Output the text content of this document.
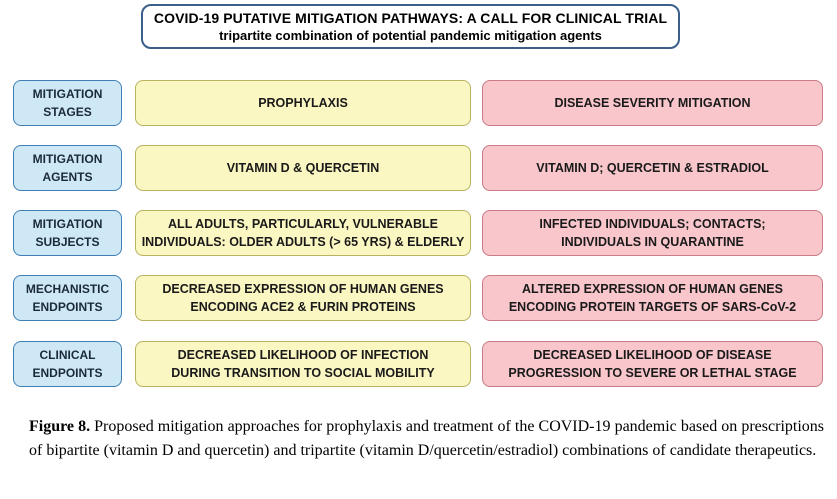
COVID-19 PUTATIVE MITIGATION PATHWAYS: A CALL FOR CLINICAL TRIAL
tripartite combination of potential pandemic mitigation agents
MITIGATION
STAGES
PROPHYLAXIS	DISEASE SEVERITY MITIGATION
MITIGATION
AGENTS
VITAMIN D & QUERCETIN	VITAMIN D; QUERCETIN & ESTRADIOL
MITIGATION
SUBJECTS
ALL ADULTS, PARTICULARLY, VULNERABLE
INDIVIDUALS: OLDER ADULTS (> 65 YRS) & ELDERLY
INFECTED INDIVIDUALS; CONTACTS;
INDIVIDUALS IN QUARANTINE
MECHANISTIC
ENDPOINTS
DECREASED EXPRESSION OF HUMAN GENES
ENCODING ACE2 & FURIN PROTEINS
ALTERED EXPRESSION OF HUMAN GENES
ENCODING PROTEIN TARGETS OF SARS-CoV-2
CLINICAL
ENDPOINTS
DECREASED LIKELIHOOD OF INFECTION
DURING TRANSITION TO SOCIAL MOBILITY
DECREASED LIKELIHOOD OF DISEASE
PROGRESSION TO SEVERE OR LETHAL STAGE
Figure 8. Proposed mitigation approaches for prophylaxis and treatment of the COVID-19 pandemic based on prescriptions of bipartite (vitamin D and quercetin) and tripartite (vitamin D/quercetin/estradiol) combinations of candidate therapeutics.
